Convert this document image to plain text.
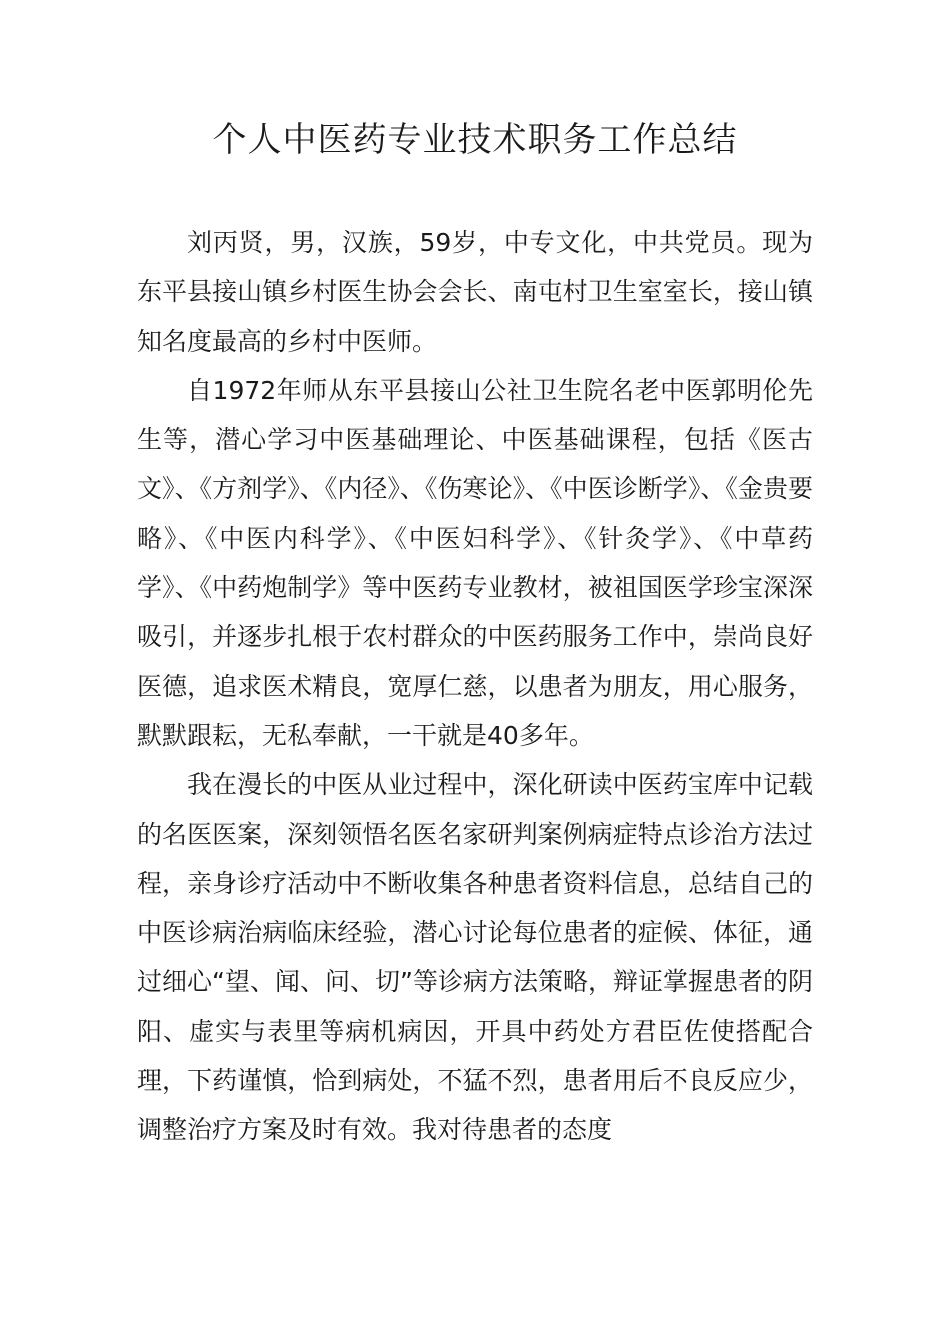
个人中医药专业技术职务工作总结

刘丙贤，男，汉族，59岁，中专文化，中共党员。现为东平县接山镇乡村医生协会会长、南屯村卫生室室长，接山镇知名度最高的乡村中医师。

自1972年师从东平县接山公社卫生院名老中医郭明伦先生等，潜心学习中医基础理论、中医基础课程，包括《医古文》、《方剂学》、《内径》、《伤寒论》、《中医诊断学》、《金贵要略》、《中医内科学》、《中医妇科学》、《针灸学》、《中草药学》、《中药炮制学》等中医药专业教材，被祖国医学珍宝深深吸引，并逐步扎根于农村群众的中医药服务工作中，崇尚良好医德，追求医术精良，宽厚仁慈，以患者为朋友，用心服务，默默跟耘，无私奉献，一干就是40多年。

我在漫长的中医从业过程中，深化研读中医药宝库中记载的名医医案，深刻领悟名医名家研判案例病症特点诊治方法过程，亲身诊疗活动中不断收集各种患者资料信息，总结自己的中医诊病治病临床经验，潜心讨论每位患者的症候、体征，通过细心“望、闻、问、切”等诊病方法策略，辩证掌握患者的阴阳、虚实与表里等病机病因，开具中药处方君臣佐使搭配合理，下药谨慎，恰到病处，不猛不烈，患者用后不良反应少，调整治疗方案及时有效。我对待患者的态度
